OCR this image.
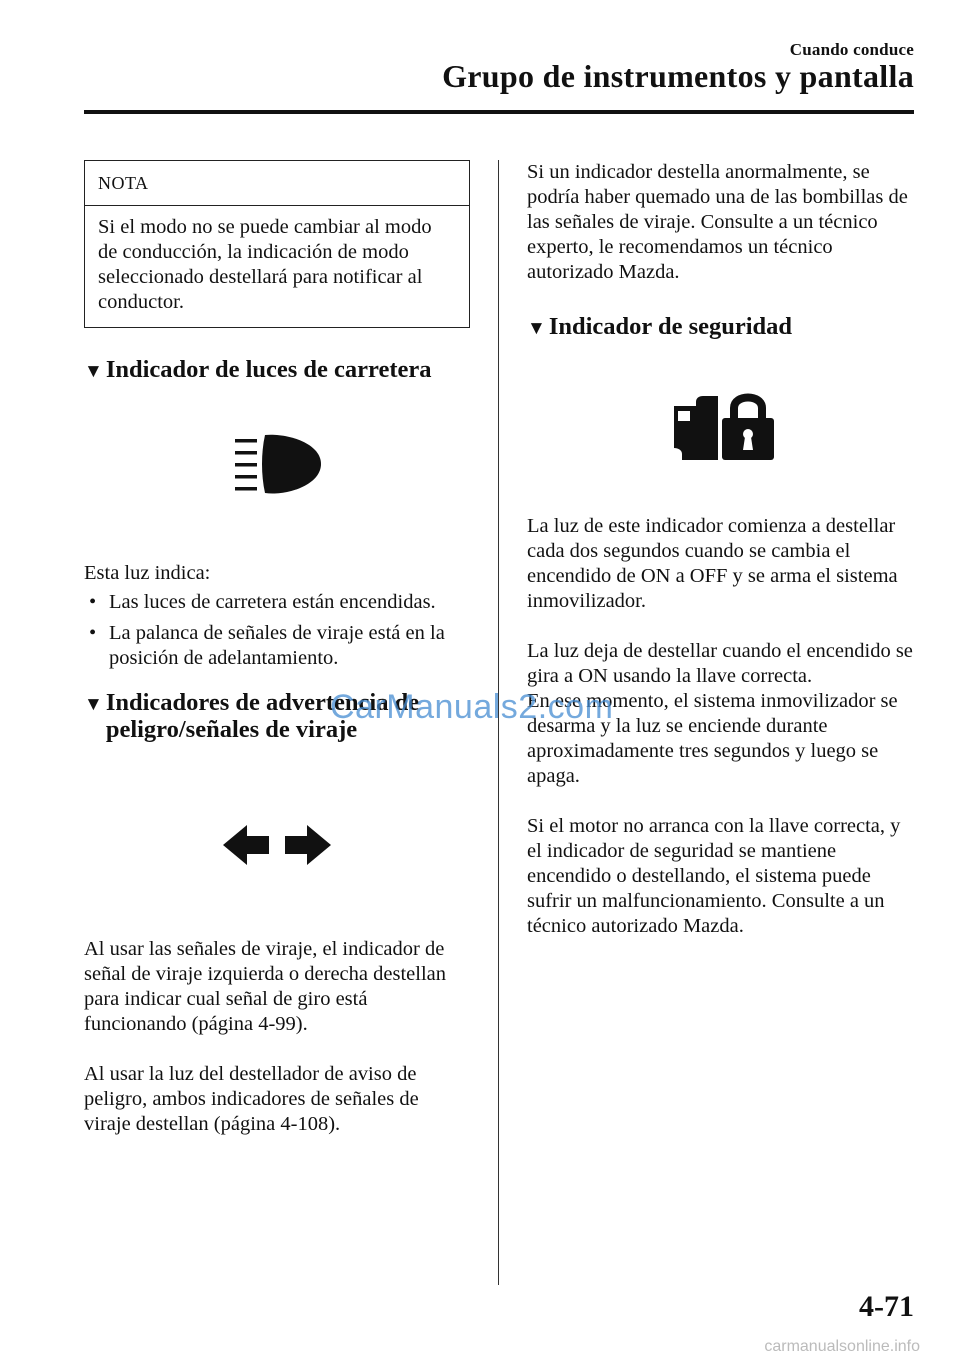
Cuando conduce
Grupo de instrumentos y pantalla
NOTA
Si el modo no se puede cambiar al modo de conducción, la indicación de modo seleccionado destellará para notificar al conductor.
▼ Indicador de luces de carretera

Esta luz indica:

• Las luces de carretera están encendidas.
• La palanca de señales de viraje está en la posición de adelantamiento.
▼ Indicadores de advertencia de
peligro/señales de viraje

Al usar las señales de viraje, el indicador de señal de viraje izquierda o derecha destellan para indicar cual señal de giro está funcionando (página 4-99).

Al usar la luz del destellador de aviso de peligro, ambos indicadores de señales de viraje destellan (página 4-108).

Si un indicador destella anormalmente, se podría haber quemado una de las bombillas de las señales de viraje. Consulte a un técnico experto, le recomendamos un técnico autorizado Mazda.

▼ Indicador de seguridad

La luz de este indicador comienza a destellar cada dos segundos cuando se cambia el encendido de ON a OFF y se arma el sistema inmovilizador.

La luz deja de destellar cuando el encendido se gira a ON usando la llave correcta.

En ese momento, el sistema inmovilizador se desarma y la luz se enciende durante aproximadamente tres segundos y luego se apaga.

Si el motor no arranca con la llave correcta, y el indicador de seguridad se mantiene encendido o destellando, el sistema puede sufrir un malfuncionamiento. Consulte a un técnico autorizado Mazda.

CarManuals2.com
4-71
carmanualsonline.info
